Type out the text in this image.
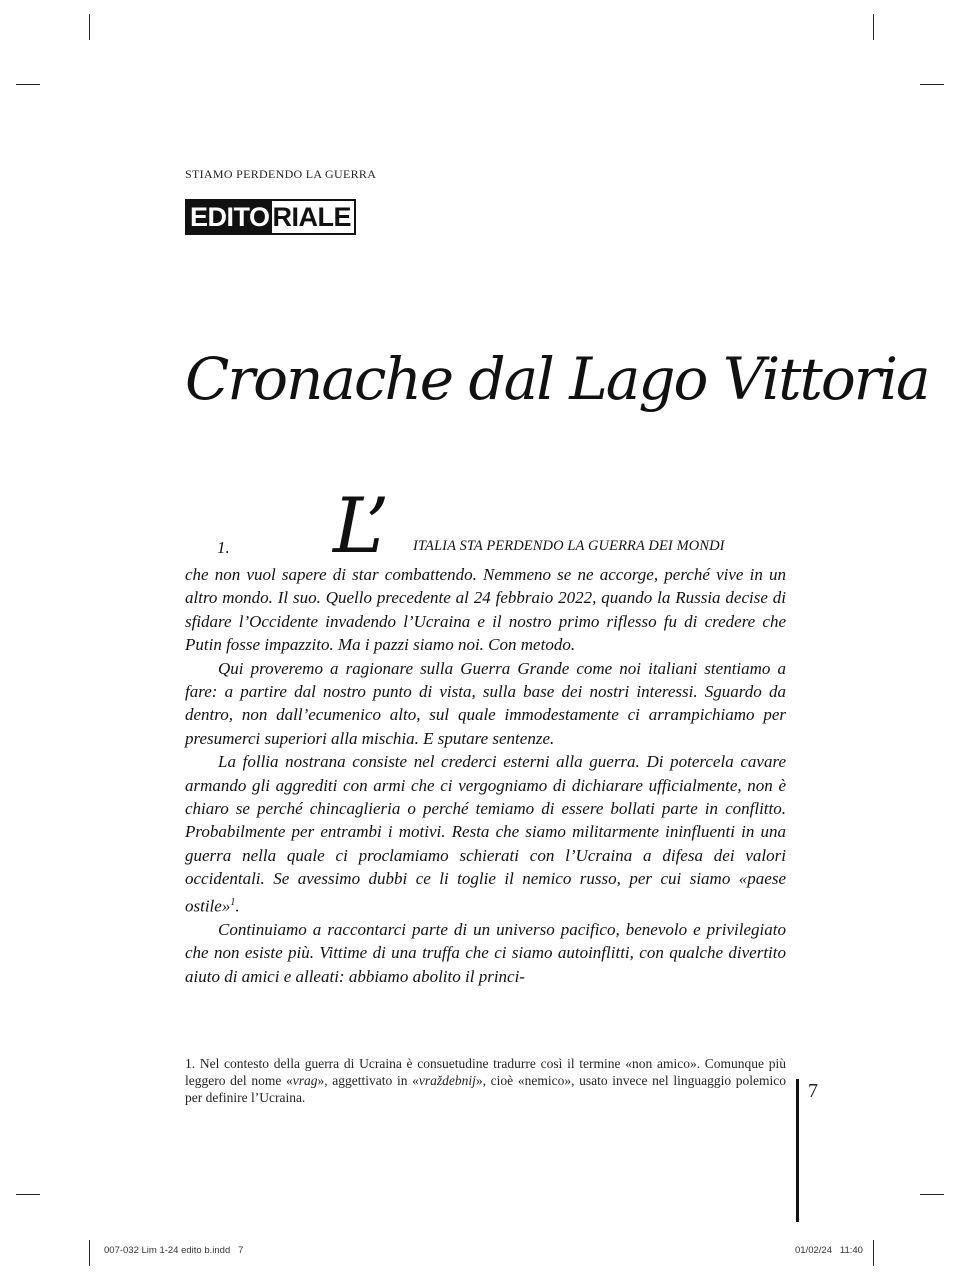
STIAMO PERDENDO LA GUERRA
EDITO RIALE
Cronache dal Lago Vittoria
1. L’ ITALIA STA PERDENDO LA GUERRA DEI MONDI

che non vuol sapere di star combattendo. Nemmeno se ne accorge, perché vive in un altro mondo. Il suo. Quello precedente al 24 febbraio 2022, quando la Russia decise di sfidare l’Occidente invadendo l’Ucraina e il nostro primo riflesso fu di credere che Putin fosse impazzito. Ma i pazzi siamo noi. Con metodo.

Qui proveremo a ragionare sulla Guerra Grande come noi italiani stentiamo a fare: a partire dal nostro punto di vista, sulla base dei nostri interessi. Sguardo da dentro, non dall’ecumenico alto, sul quale immodestamente ci arrampichiamo per presumerci superiori alla mischia. E sputare sentenze.

La follia nostrana consiste nel crederci esterni alla guerra. Di potercela cavare armando gli aggrediti con armi che ci vergogniamo di dichiarare ufficialmente, non è chiaro se perché chincaglieria o perché temiamo di essere bollati parte in conflitto. Probabilmente per entrambi i motivi. Resta che siamo militarmente ininfluenti in una guerra nella quale ci proclamiamo schierati con l’Ucraina a difesa dei valori occidentali. Se avessimo dubbi ce li toglie il nemico russo, per cui siamo «paese ostile»$^1$.

Continuiamo a raccontarci parte di un universo pacifico, benevolo e privilegiato che non esiste più. Vittime di una truffa che ci siamo autoinflitti, con qualche divertito aiuto di amici e alleati: abbiamo abolito il princi-

1. Nel contesto della guerra di Ucraina è consuetudine tradurre così il termine «non amico». Comunque più leggero del nome «vrag», aggettivato in «vraždebnij», cioè «nemico», usato invece nel linguaggio polemico per definire l’Ucraina.	7
007-032 Lim 1-24 edito b.indd   7	01/02/24   11:40
